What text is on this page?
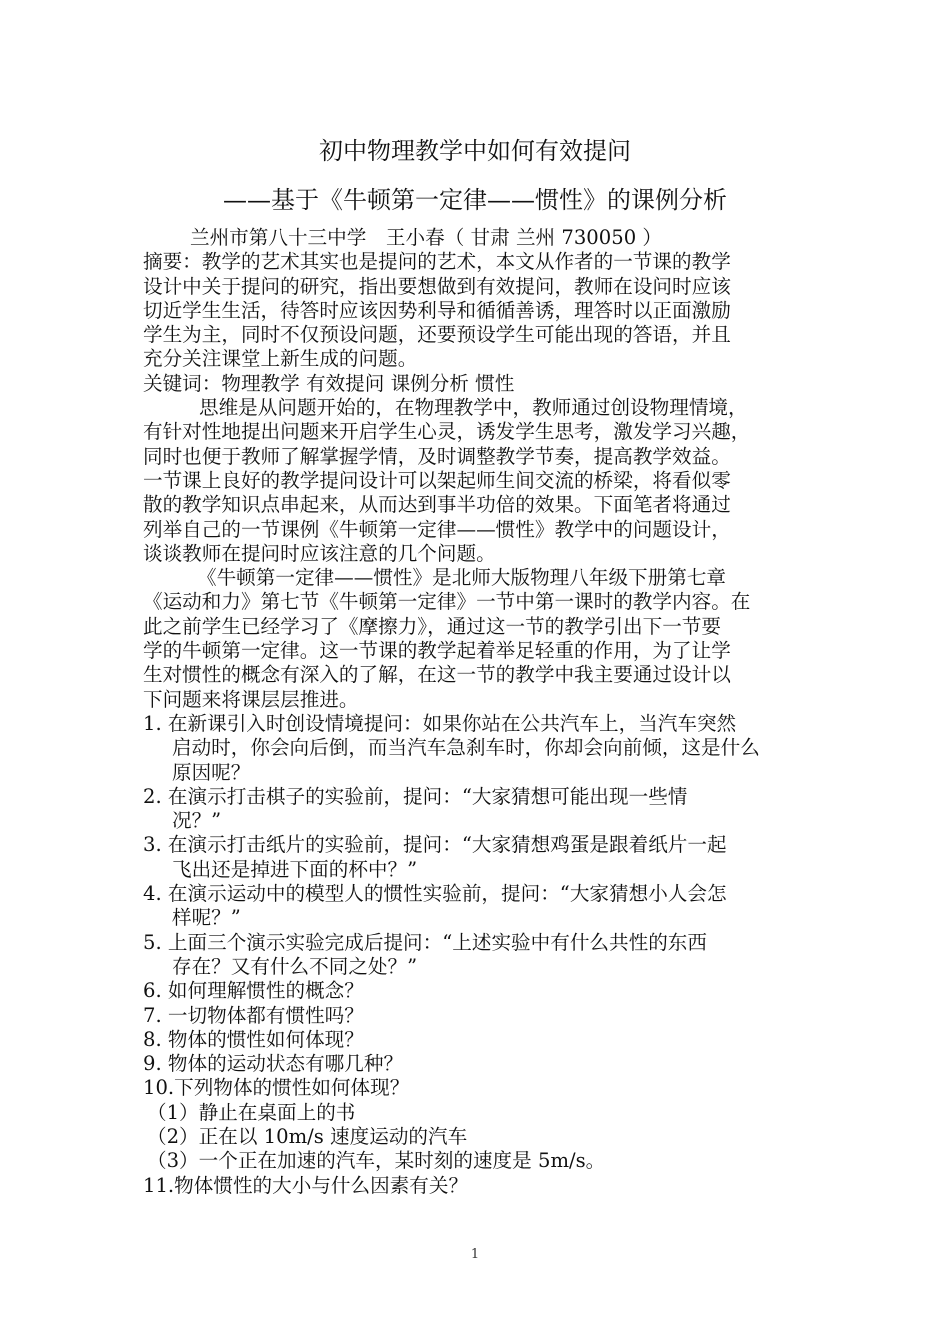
初中物理教学中如何有效提问
——基于《牛顿第一定律——惯性》的课例分析
兰州市第八十三中学　王小春（ 甘肃 兰州 730050 ）
摘要：教学的艺术其实也是提问的艺术，本文从作者的一节课的教学
设计中关于提问的研究，指出要想做到有效提问，教师在设问时应该
切近学生生活，待答时应该因势利导和循循善诱，理答时以正面激励
学生为主，同时不仅预设问题，还要预设学生可能出现的答语，并且
充分关注课堂上新生成的问题。
关键词：物理教学 有效提问 课例分析 惯性
思维是从问题开始的，在物理教学中，教师通过创设物理情境，
有针对性地提出问题来开启学生心灵，诱发学生思考，激发学习兴趣，
同时也便于教师了解掌握学情，及时调整教学节奏，提高教学效益。
一节课上良好的教学提问设计可以架起师生间交流的桥梁，将看似零
散的教学知识点串起来，从而达到事半功倍的效果。下面笔者将通过
列举自己的一节课例《牛顿第一定律——惯性》教学中的问题设计，
谈谈教师在提问时应该注意的几个问题。
《牛顿第一定律——惯性》是北师大版物理八年级下册第七章
《运动和力》第七节《牛顿第一定律》一节中第一课时的教学内容。在
此之前学生已经学习了《摩擦力》，通过这一节的教学引出下一节要
学的牛顿第一定律。这一节课的教学起着举足轻重的作用，为了让学
生对惯性的概念有深入的了解，在这一节的教学中我主要通过设计以
下问题来将课层层推进。
1. 在新课引入时创设情境提问：如果你站在公共汽车上，当汽车突然
启动时，你会向后倒，而当汽车急刹车时，你却会向前倾，这是什么
原因呢？
2. 在演示打击棋子的实验前，提问：“大家猜想可能出现一些情
况？”
3. 在演示打击纸片的实验前，提问：“大家猜想鸡蛋是跟着纸片一起
飞出还是掉进下面的杯中？”
4. 在演示运动中的模型人的惯性实验前，提问：“大家猜想小人会怎
样呢？”
5. 上面三个演示实验完成后提问：“上述实验中有什么共性的东西
存在？又有什么不同之处？”
6. 如何理解惯性的概念？
7. 一切物体都有惯性吗？
8. 物体的惯性如何体现？
9. 物体的运动状态有哪几种？
10.下列物体的惯性如何体现？
（1）静止在桌面上的书
（2）正在以 10m/s 速度运动的汽车
（3）一个正在加速的汽车，某时刻的速度是 5m/s。
11.物体惯性的大小与什么因素有关？
1
